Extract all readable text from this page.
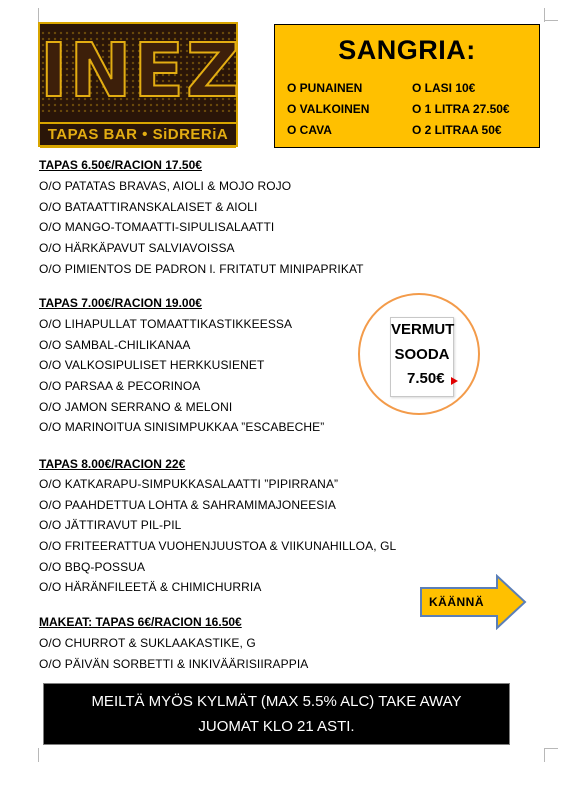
INEZ
TAPAS BAR • SiDRERiA
SANGRIA:
O PUNAINEN
O VALKOINEN
O CAVA
O LASI 10€
O 1 LITRA 27.50€
O 2 LITRAA 50€
TAPAS 6.50€/RACION 17.50€
O/O PATATAS BRAVAS, AIOLI & MOJO ROJO
O/O BATAATTIRANSKALAISET & AIOLI
O/O MANGO-TOMAATTI-SIPULISALAATTI
O/O HÄRKÄPAVUT SALVIAVOISSA
O/O PIMIENTOS DE PADRON l. FRITATUT MINIPAPRIKAT
TAPAS 7.00€/RACION 19.00€
O/O LIHAPULLAT TOMAATTIKASTIKKEESSA
O/O SAMBAL-CHILIKANAA
O/O VALKOSIPULISET HERKKUSIENET
O/O PARSAA & PECORINOA
O/O JAMON SERRANO & MELONI
O/O MARINOITUA SINISIMPUKKAA ”ESCABECHE”
TAPAS 8.00€/RACION 22€
O/O KATKARAPU-SIMPUKKASALAATTI ”PIPIRRANA”
O/O PAAHDETTUA LOHTA & SAHRAMIMAJONEESIA
O/O JÄTTIRAVUT PIL-PIL
O/O FRITEERATTUA VUOHENJUUSTOA & VIIKUNAHILLOA, GL
O/O BBQ-POSSUA
O/O HÄRÄNFILEETÄ & CHIMICHURRIA
MAKEAT: TAPAS 6€/RACION 16.50€
O/O CHURROT & SUKLAAKASTIKE, G
O/O PÄIVÄN SORBETTI & INKIVÄÄRISIIRAPPIA
VERMUT
SOODA
7.50€
KÄÄNNÄ
MEILTÄ MYÖS KYLMÄT (MAX 5.5% ALC) TAKE AWAY
JUOMAT KLO 21 ASTI.
